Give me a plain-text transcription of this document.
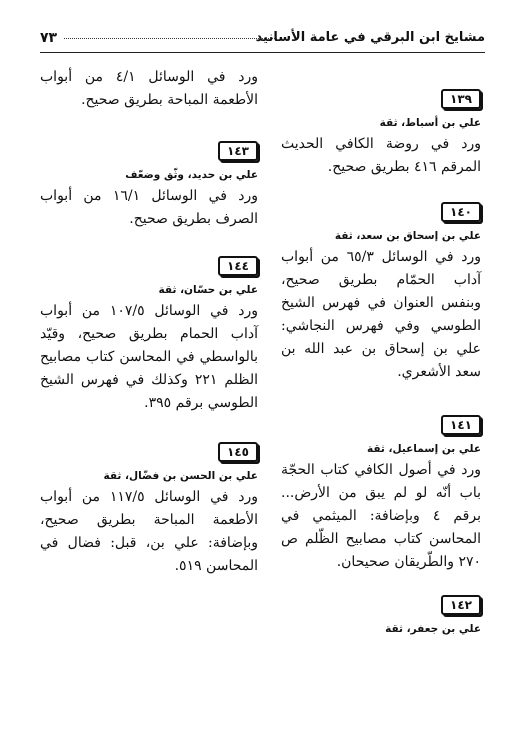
مشايخ ابن البرقي في عامة الأسانيد
٧٣
١٣٩
علي بن أسباط، ثقة

ورد في روضة الكافي الحديث المرقم ٤١٦ بطريق صحيح.

١٤٠
علي بن إسحاق بن سعد، ثقة

ورد في الوسائل ٦٥/٣ من أبواب آداب الحمّام بطريق صحيح، وبنفس العنوان في فهرس الشيخ الطوسي وفي فهرس النجاشي: علي بن إسحاق بن عبد الله بن سعد الأشعري.

١٤١
علي بن إسماعيل، ثقة

ورد في أصول الكافي كتاب الحجّة باب أنّه لو لم يبق من الأرض... برقم ٤ وبإضافة: الميثمي في المحاسن كتاب مصابيح الظّلم ص ٢٧٠ والطّريقان صحيحان.

١٤٢
علي بن جعفر، ثقة

ورد في الوسائل ٤/١ من أبواب الأطعمة المباحة بطريق صحيح.

١٤٣
علي بن حديد، وثّق وضعّف

ورد في الوسائل ١٦/١ من أبواب الصرف بطريق صحيح.

١٤٤
علي بن حسّان، ثقة

ورد في الوسائل ١٠٧/٥ من أبواب آداب الحمام بطريق صحيح، وقيّد بالواسطي في المحاسن كتاب مصابيح الظلم ٢٢١ وكذلك في فهرس الشيخ الطوسي برقم ٣٩٥.

١٤٥
علي بن الحسن بن فضّال، ثقة

ورد في الوسائل ١١٧/٥ من أبواب الأطعمة المباحة بطريق صحيح، وبإضافة: علي بن، قبل: فضال في المحاسن ٥١٩.
